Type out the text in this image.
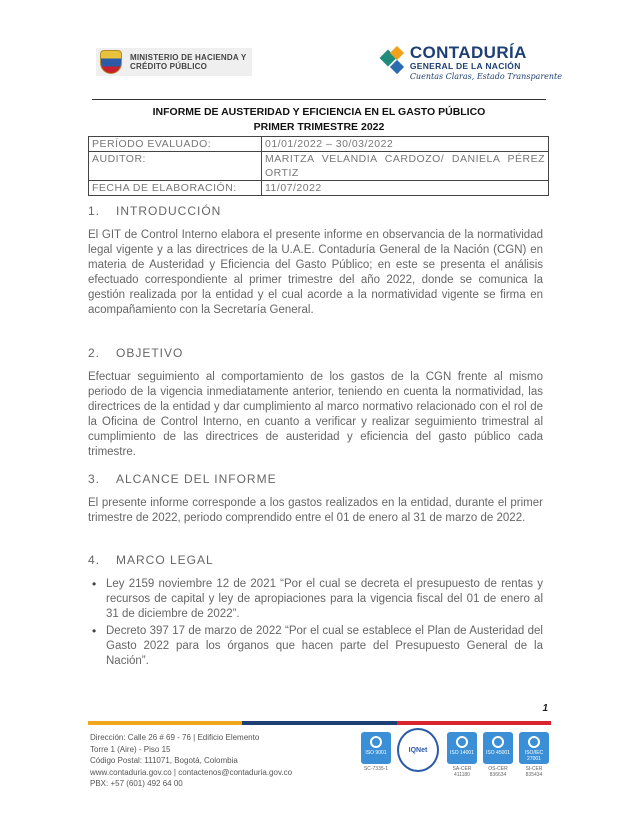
MINISTERIO DE HACIENDA Y
CRÉDITO PÚBLICO
CONTADURÍA
GENERAL DE LA NACIÓN
Cuentas Claras, Estado Transparente
INFORME DE AUSTERIDAD Y EFICIENCIA EN EL GASTO PÚBLICO
PRIMER TRIMESTRE 2022
PERÍODO EVALUADO:	01/01/2022 – 30/03/2022
AUDITOR:	MARITZA VELANDIA CARDOZO/ DANIELA PÉREZ ORTIZ
FECHA DE ELABORACIÓN:	11/07/2022
1. INTRODUCCIÓN
El GIT de Control Interno elabora el presente informe en observancia de la normatividad legal vigente y a las directrices de la U.A.E. Contaduría General de la Nación (CGN) en materia de Austeridad y Eficiencia del Gasto Público; en este se presenta el análisis efectuado correspondiente al primer trimestre del año 2022, donde se comunica la gestión realizada por la entidad y el cual acorde a la normatividad vigente se firma en acompañamiento con la Secretaría General.
2. OBJETIVO
Efectuar seguimiento al comportamiento de los gastos de la CGN frente al mismo periodo de la vigencia inmediatamente anterior, teniendo en cuenta la normatividad, las directrices de la entidad y dar cumplimiento al marco normativo relacionado con el rol de la Oficina de Control Interno, en cuanto a verificar y realizar seguimiento trimestral al cumplimiento de las directrices de austeridad y eficiencia del gasto público cada trimestre.
3. ALCANCE DEL INFORME
El presente informe corresponde a los gastos realizados en la entidad, durante el primer trimestre de 2022, periodo comprendido entre el 01 de enero al 31 de marzo de 2022.
4. MARCO LEGAL
• Ley 2159 noviembre 12 de 2021 “Por el cual se decreta el presupuesto de rentas y recursos de capital y ley de apropiaciones para la vigencia fiscal del 01 de enero al 31 de diciembre de 2022”.
• Decreto 397 17 de marzo de 2022 “Por el cual se establece el Plan de Austeridad del Gasto 2022 para los órganos que hacen parte del Presupuesto General de la Nación”.
1
Dirección: Calle 26 # 69 - 76 | Edificio Elemento
Torre 1 (Aire) - Piso 15
Código Postal: 111071, Bogotá, Colombia
www.contaduria.gov.co | contactenos@contaduria.gov.co
PBX: +57 (601) 492 64 00
ISO 9001
SC-7335-1
IQNet	ISO 14001
SA-CER 411180
ISO 45001
OS-CER 836634
ISO/IEC 27001
SI-CER 835434
